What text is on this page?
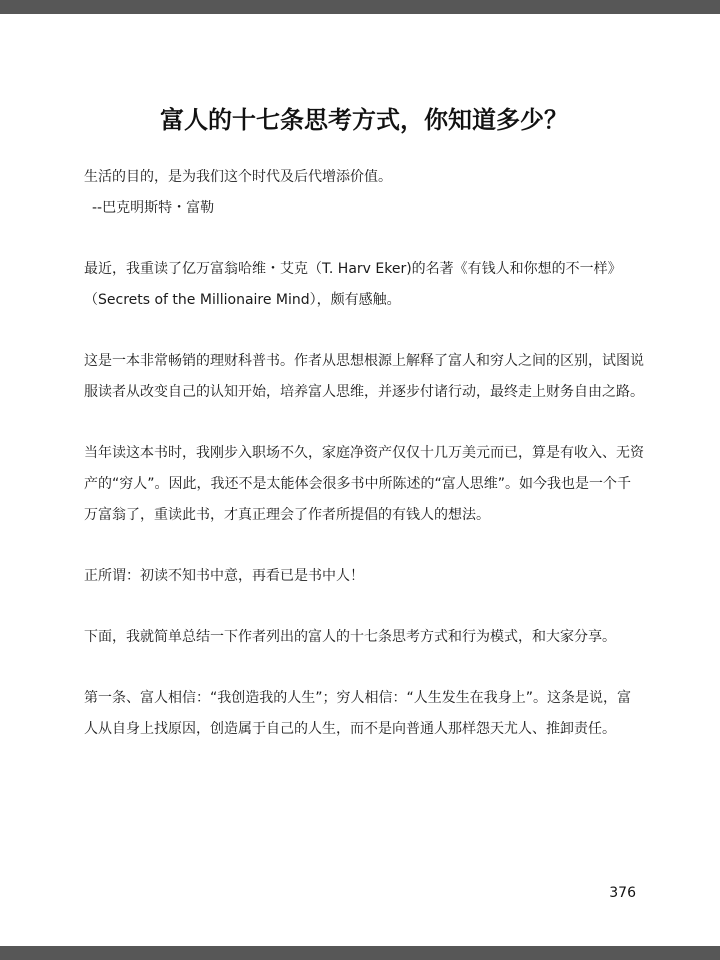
富人的十七条思考方式，你知道多少？

生活的目的，是为我们这个时代及后代增添价值。

--巴克明斯特・富勒

最近，我重读了亿万富翁哈维・艾克（T. Harv Eker)的名著《有钱人和你想的不一样》（Secrets of the Millionaire Mind），颇有感触。

这是一本非常畅销的理财科普书。作者从思想根源上解释了富人和穷人之间的区别，试图说服读者从改变自己的认知开始，培养富人思维，并逐步付诸行动，最终走上财务自由之路。

当年读这本书时，我刚步入职场不久，家庭净资产仅仅十几万美元而已，算是有收入、无资产的“穷人”。因此，我还不是太能体会很多书中所陈述的“富人思维”。如今我也是一个千万富翁了，重读此书，才真正理会了作者所提倡的有钱人的想法。

正所谓：初读不知书中意，再看已是书中人！

下面，我就简单总结一下作者列出的富人的十七条思考方式和行为模式，和大家分享。

第一条、富人相信：“我创造我的人生”；穷人相信：“人生发生在我身上”。这条是说，富人从自身上找原因，创造属于自己的人生，而不是向普通人那样怨天尤人、推卸责任。

376
